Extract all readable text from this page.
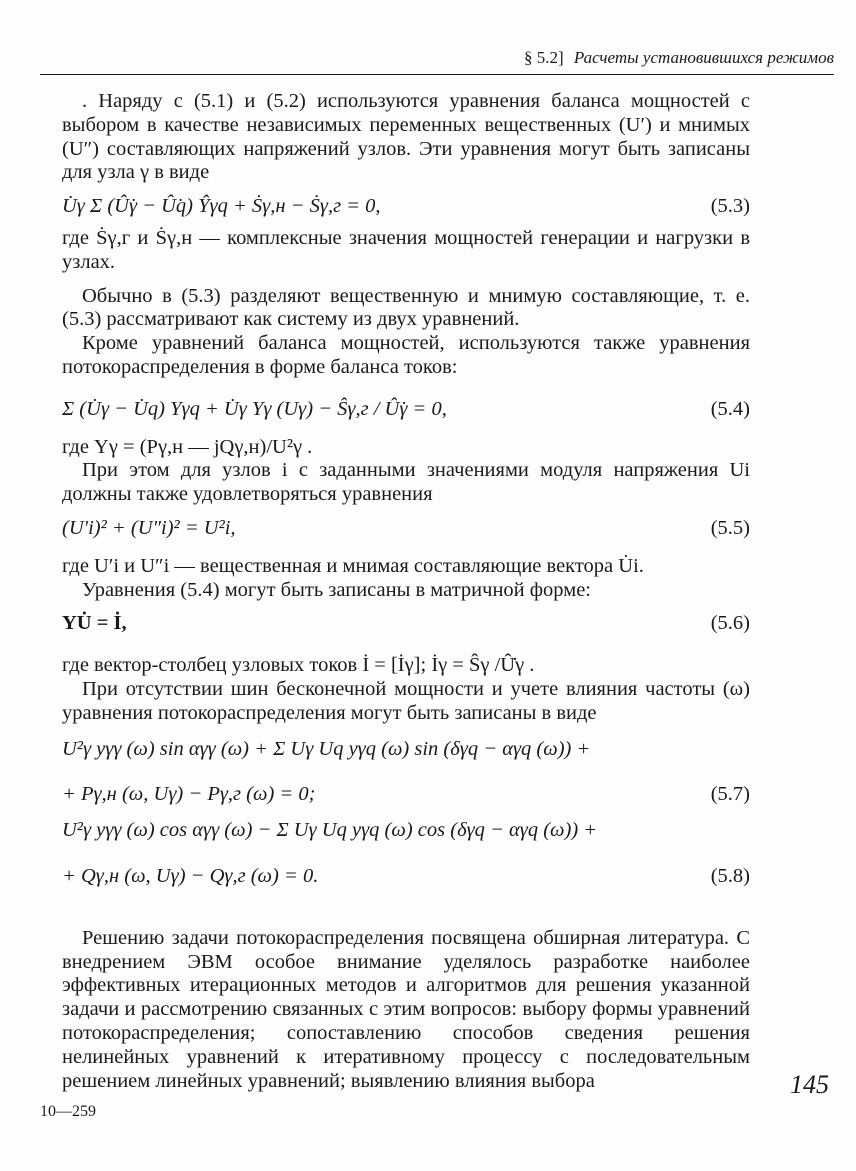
§ 5.2] Расчеты установившихся режимов

. Наряду с (5.1) и (5.2) используются уравнения баланса мощностей с выбором в качестве независимых переменных вещественных (U′) и мнимых (U″) составляющих напряжений узлов. Эти уравнения могут быть записаны для узла γ в виде

U̇γ Σ (Û̇γ − Û̇q) Ŷγq + Ṡγ,н − Ṡγ,г = 0,	(5.3)

где Ṡγ,г и Ṡγ,н — комплексные значения мощностей генерации и нагрузки в узлах.

Обычно в (5.3) разделяют вещественную и мнимую составляющие, т. е. (5.3) рассматривают как систему из двух уравнений.

Кроме уравнений баланса мощностей, используются также уравнения потокораспределения в форме баланса токов:

Σ (U̇γ − U̇q) Yγq + U̇γ Yγ (Uγ) − Ŝγ,г / Û̇γ = 0,	(5.4)

где Yγ = (Pγ,н — jQγ,н)/U²γ .

При этом для узлов i с заданными значениями модуля напряжения Ui должны также удовлетворяться уравнения

(U′i)² + (U″i)² = U²i,	(5.5)

где U′i и U″i — вещественная и мнимая составляющие вектора U̇i.

Уравнения (5.4) могут быть записаны в матричной форме:

YU̇ = İ,	(5.6)

где вектор-столбец узловых токов İ = [İγ]; İγ = Ŝγ /Û̇γ .

При отсутствии шин бесконечной мощности и учете влияния частоты (ω) уравнения потокораспределения могут быть записаны в виде

U²γ yγγ (ω) sin αγγ (ω) + Σ Uγ Uq yγq (ω) sin (δγq − αγq (ω)) +
+ Pγ,н (ω, Uγ) − Pγ,г (ω) = 0;	(5.7)
U²γ yγγ (ω) cos αγγ (ω) − Σ Uγ Uq yγq (ω) cos (δγq − αγq (ω)) +
+ Qγ,н (ω, Uγ) − Qγ,г (ω) = 0.	(5.8)

Решению задачи потокораспределения посвящена обширная литература. С внедрением ЭВМ особое внимание уделялось разработке наиболее эффективных итерационных методов и алгоритмов для решения указанной задачи и рассмотрению связанных с этим вопросов: выбору формы уравнений потокораспределения; сопоставлению способов сведения решения нелинейных уравнений к итеративному процессу с последовательным решением линейных уравнений; выявлению влияния выбора	145
10—259
